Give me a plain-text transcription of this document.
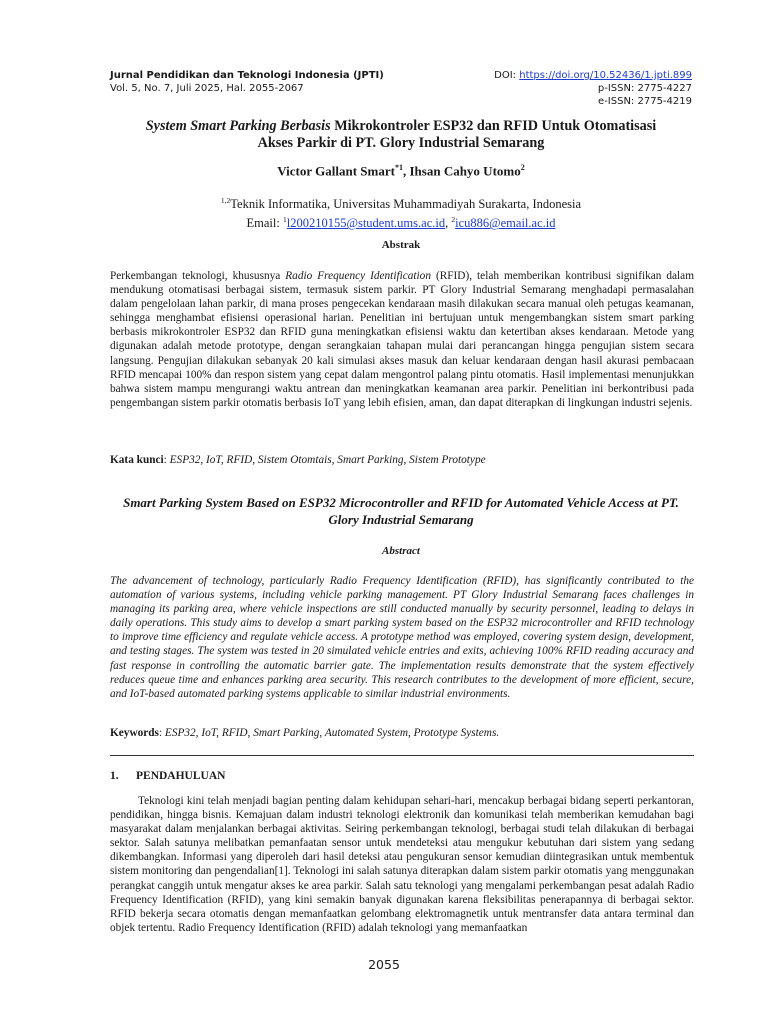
Jurnal Pendidikan dan Teknologi Indonesia (JPTI)
Vol. 5, No. 7, Juli 2025, Hal. 2055-2067
DOI: https://doi.org/10.52436/1.jpti.899
p-ISSN: 2775-4227
e-ISSN: 2775-4219
System Smart Parking Berbasis Mikrokontroler ESP32 dan RFID Untuk Otomatisasi
Akses Parkir di PT. Glory Industrial Semarang
Victor Gallant Smart$^{*1}$, Ihsan Cahyo Utomo$^2$
$^{1,2}$Teknik Informatika, Universitas Muhammadiyah Surakarta, Indonesia
Email: $^1$l200210155@student.ums.ac.id, $^2$icu886@email.ac.id
Abstrak
Perkembangan teknologi, khususnya Radio Frequency Identification (RFID), telah memberikan kontribusi signifikan dalam mendukung otomatisasi berbagai sistem, termasuk sistem parkir. PT Glory Industrial Semarang menghadapi permasalahan dalam pengelolaan lahan parkir, di mana proses pengecekan kendaraan masih dilakukan secara manual oleh petugas keamanan, sehingga menghambat efisiensi operasional harian. Penelitian ini bertujuan untuk mengembangkan sistem smart parking berbasis mikrokontroler ESP32 dan RFID guna meningkatkan efisiensi waktu dan ketertiban akses kendaraan. Metode yang digunakan adalah metode prototype, dengan serangkaian tahapan mulai dari perancangan hingga pengujian sistem secara langsung. Pengujian dilakukan sebanyak 20 kali simulasi akses masuk dan keluar kendaraan dengan hasil akurasi pembacaan RFID mencapai 100% dan respon sistem yang cepat dalam mengontrol palang pintu otomatis. Hasil implementasi menunjukkan bahwa sistem mampu mengurangi waktu antrean dan meningkatkan keamanan area parkir. Penelitian ini berkontribusi pada pengembangan sistem parkir otomatis berbasis IoT yang lebih efisien, aman, dan dapat diterapkan di lingkungan industri sejenis.
Kata kunci: ESP32, IoT, RFID, Sistem Otomtais, Smart Parking, Sistem Prototype
Smart Parking System Based on ESP32 Microcontroller and RFID for Automated Vehicle Access at PT. Glory Industrial Semarang
Abstract
The advancement of technology, particularly Radio Frequency Identification (RFID), has significantly contributed to the automation of various systems, including vehicle parking management. PT Glory Industrial Semarang faces challenges in managing its parking area, where vehicle inspections are still conducted manually by security personnel, leading to delays in daily operations. This study aims to develop a smart parking system based on the ESP32 microcontroller and RFID technology to improve time efficiency and regulate vehicle access. A prototype method was employed, covering system design, development, and testing stages. The system was tested in 20 simulated vehicle entries and exits, achieving 100% RFID reading accuracy and fast response in controlling the automatic barrier gate. The implementation results demonstrate that the system effectively reduces queue time and enhances parking area security. This research contributes to the development of more efficient, secure, and IoT-based automated parking systems applicable to similar industrial environments.
Keywords: ESP32, IoT, RFID, Smart Parking, Automated System, Prototype Systems.
1. PENDAHULUAN
Teknologi kini telah menjadi bagian penting dalam kehidupan sehari-hari, mencakup berbagai bidang seperti perkantoran, pendidikan, hingga bisnis. Kemajuan dalam industri teknologi elektronik dan komunikasi telah memberikan kemudahan bagi masyarakat dalam menjalankan berbagai aktivitas. Seiring perkembangan teknologi, berbagai studi telah dilakukan di berbagai sektor. Salah satunya melibatkan pemanfaatan sensor untuk mendeteksi atau mengukur kebutuhan dari sistem yang sedang dikembangkan. Informasi yang diperoleh dari hasil deteksi atau pengukuran sensor kemudian diintegrasikan untuk membentuk sistem monitoring dan pengendalian[1]. Teknologi ini salah satunya diterapkan dalam sistem parkir otomatis yang menggunakan perangkat canggih untuk mengatur akses ke area parkir. Salah satu teknologi yang mengalami perkembangan pesat adalah Radio Frequency Identification (RFID), yang kini semakin banyak digunakan karena fleksibilitas penerapannya di berbagai sektor. RFID bekerja secara otomatis dengan memanfaatkan gelombang elektromagnetik untuk mentransfer data antara terminal dan objek tertentu. Radio Frequency Identification (RFID) adalah teknologi yang memanfaatkan
2055
